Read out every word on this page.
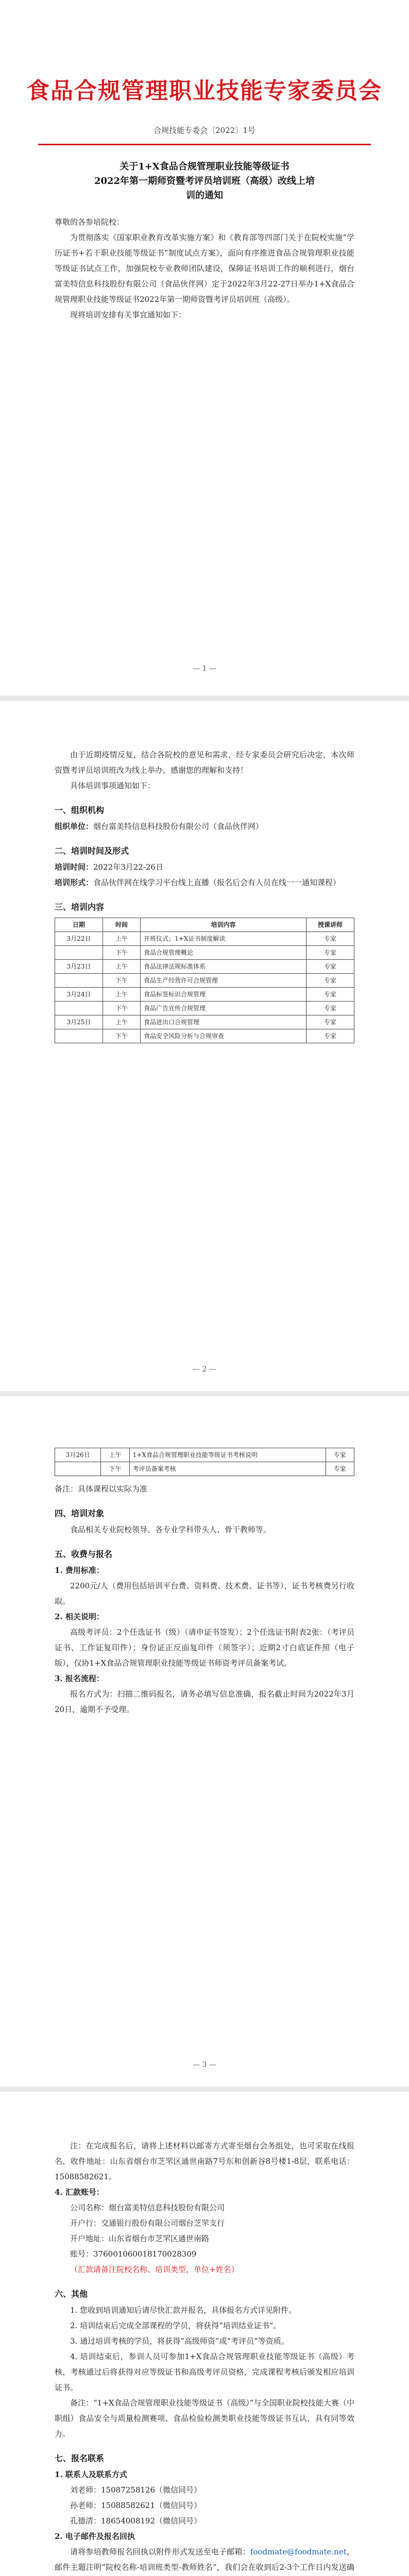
食品合规管理职业技能专家委员会
合规技能专委会〔2022〕1号
关于1+X食品合规管理职业技能等级证书
2022年第一期师资暨考评员培训班（高级）改线上培
训的通知
尊敬的各参培院校：
为贯彻落实《国家职业教育改革实施方案》和《教育部等四部门关于在院校实施“学历证书+若干职业技能等级证书”制度试点方案》，面向有序推进食品合规管理职业技能等级证书试点工作，加强院校专业教师团队建设，保障证书培训工作的顺利进行，烟台富美特信息科技股份有限公司（食品伙伴网）定于2022年3月22-27日举办1+X食品合规管理职业技能等级证书2022年第一期师资暨考评员培训班（高级）。
现将培训安排有关事宜通知如下：
— 1 —
由于近期疫情反复，结合各院校的意见和需求，经专家委员会研究后决定，本次师资暨考评员培训班改为线上举办，感谢您的理解和支持！
具体培训事项通知如下：
一、组织机构
组织单位：烟台富美特信息科技股份有限公司（食品伙伴网）
二、培训时间及形式
培训时间：2022年3月22-26日
培训形式：食品伙伴网在线学习平台线上直播（报名后会有人员在线一一通知课程）
三、培训内容
日期	时间	培训内容	授课讲师
3月22日	上午	开班仪式；1+X证书制度解读	专家
	下午	食品合规管理概论	专家
3月23日	上午	食品法律法规标准体系	专家
	下午	食品生产经营许可合规管理	专家
3月24日	上午	食品标签标识合规管理	专家
	下午	食品广告宣传合规管理	专家
3月25日	上午	食品进出口合规管理	专家
	下午	食品安全风险分析与合规审查	专家
— 2 —
3月26日	上午	1+X食品合规管理职业技能等级证书考核说明	专家
	下午	考评员备案考核	专家
备注：具体课程以实际为准
四、培训对象
食品相关专业院校领导、各专业学科带头人、骨干教师等。
五、收费与报名
1. 费用标准：
2200元/人（费用包括培训平台费、资料费、技术费、证书等），证书考核费另行收取。
2. 相关说明：
高级考评员：2个任选证书（级）（请申证书签发）；2个任选证书附表2张：（考评员证书、工作证复印件）；身份证正反面复印件（须签字）；近期2寸白底证件照（电子版），仅协1+X食品合规管理职业技能等级证书师资考评员备案考试。
3. 报名流程：
报名方式为：扫描二维码报名，请务必填写信息准确，报名截止时间为2022年3月20日，逾期不予受理。
— 3 —
注：在完成报名后，请将上述材料以邮寄方式寄至烟台会务组处，也可采取在线报名，收件地址：山东省烟台市芝罘区通世南路7号东和创新谷8号楼1-8层，联系电话：15088582621。
4. 汇款账号：
公司名称：烟台富美特信息科技股份有限公司
开户行：交通银行股份有限公司烟台芝罘支行
开户地址：山东省烟台市芝罘区通世南路
账号：376001060018170028309
（汇款请备注院校名称、培训类型，单位+姓名）
六、其他
1. 您收到培训通知后请尽快汇款并报名，具体报名方式详见附件。
2. 培训结束后完成全部课程的学员，将获得“培训结业证书”。
3. 通过培训考核的学员，将获得“高级师资”或“考评员”等资质。
4. 培训结束后，参训人员可参加1+X食品合规管理职业技能等级证书（高级）考核，考核通过后将获得对应等级证书和高级考评员资格，完成课程考核后颁发相应培训证书。
备注：“1+X食品合规管理职业技能等级证书（高级）”与全国职业院校技能大赛（中职组）食品安全与质量检测赛项、食品检验检测类职业技能等级证书互认，具有同等效力。
七、报名联系
1. 联系人及联系方式
刘老师：15087258126（微信同号）
孙老师：15088582621（微信同号）
孔德清：18654008192（微信同号）
2. 电子邮件及报名回执
请将参培教师报名回执以附件形式发送至电子邮箱：foodmate@foodmate.net，邮件主题注明“院校名称-培训班类型-教师姓名”，我们会在收到后2-3个工作日内发送确
